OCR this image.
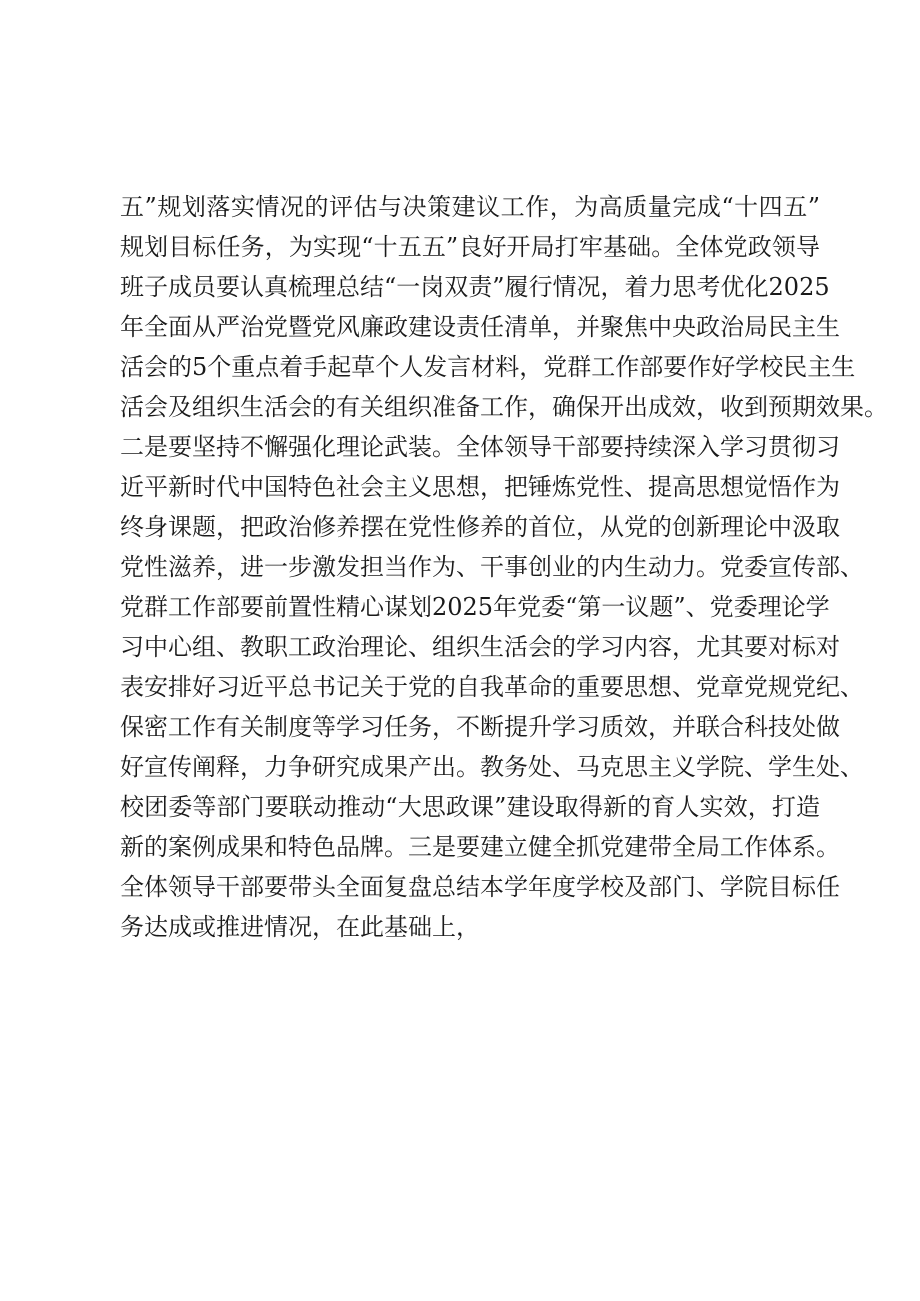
五”规划落实情况的评估与决策建议工作，为高质量完成“十四五”
规划目标任务，为实现“十五五”良好开局打牢基础。全体党政领导
班子成员要认真梳理总结“一岗双责”履行情况，着力思考优化2025
年全面从严治党暨党风廉政建设责任清单，并聚焦中央政治局民主生
活会的5个重点着手起草个人发言材料，党群工作部要作好学校民主生
活会及组织生活会的有关组织准备工作，确保开出成效，收到预期效果。
二是要坚持不懈强化理论武装。全体领导干部要持续深入学习贯彻习
近平新时代中国特色社会主义思想，把锤炼党性、提高思想觉悟作为
终身课题，把政治修养摆在党性修养的首位，从党的创新理论中汲取
党性滋养，进一步激发担当作为、干事创业的内生动力。党委宣传部、
党群工作部要前置性精心谋划2025年党委“第一议题”、党委理论学
习中心组、教职工政治理论、组织生活会的学习内容，尤其要对标对
表安排好习近平总书记关于党的自我革命的重要思想、党章党规党纪、
保密工作有关制度等学习任务，不断提升学习质效，并联合科技处做
好宣传阐释，力争研究成果产出。教务处、马克思主义学院、学生处、
校团委等部门要联动推动“大思政课”建设取得新的育人实效，打造
新的案例成果和特色品牌。三是要建立健全抓党建带全局工作体系。
全体领导干部要带头全面复盘总结本学年度学校及部门、学院目标任
务达成或推进情况，在此基础上，
